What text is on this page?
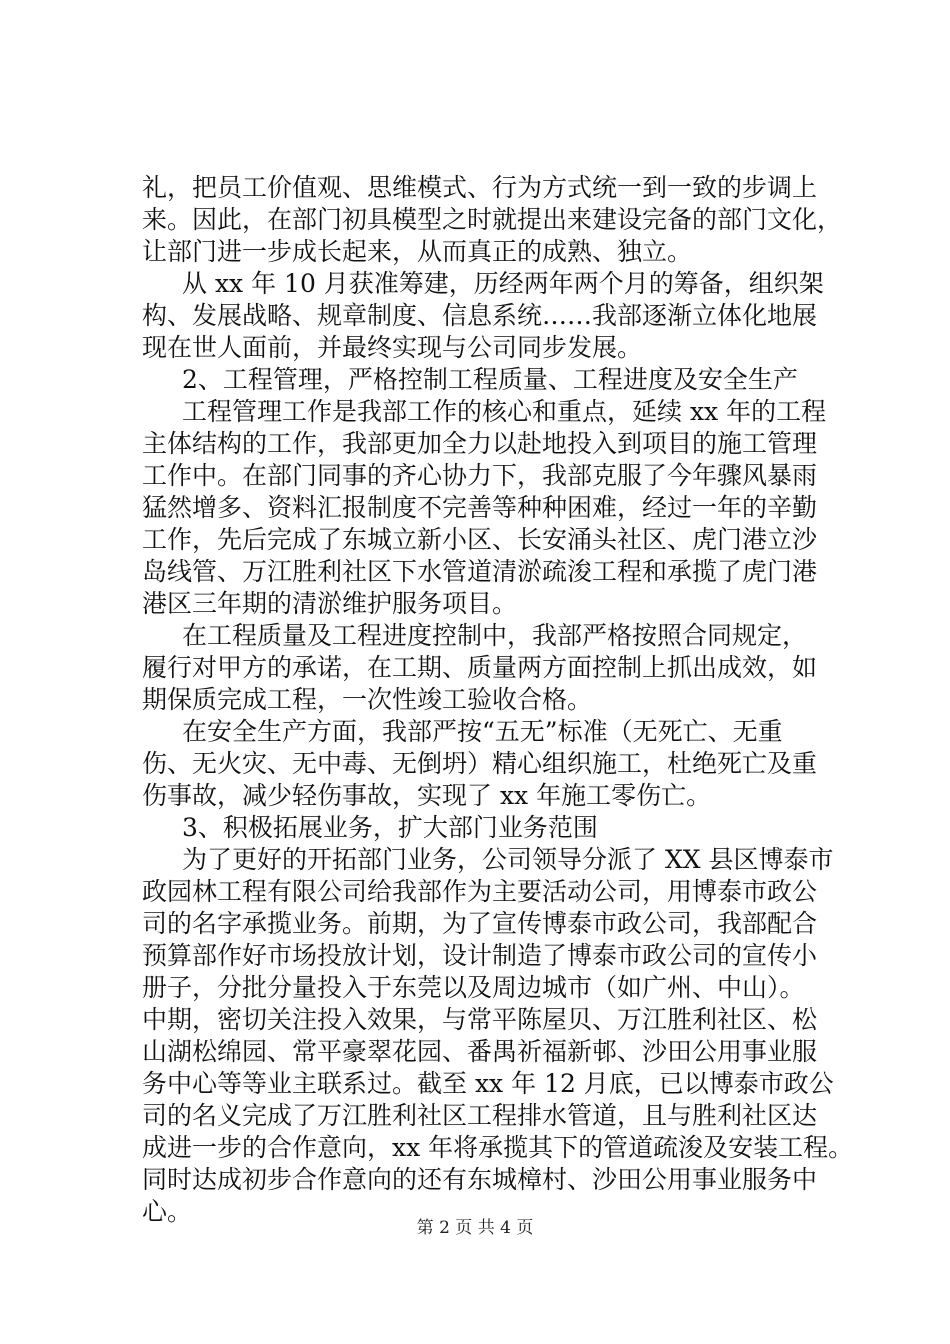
礼，把员工价值观、思维模式、行为方式统一到一致的步调上
来。因此，在部门初具模型之时就提出来建设完备的部门文化，
让部门进一步成长起来，从而真正的成熟、独立。
从 xx 年 10 月获准筹建，历经两年两个月的筹备，组织架
构、发展战略、规章制度、信息系统……我部逐渐立体化地展
现在世人面前，并最终实现与公司同步发展。
2、工程管理，严格控制工程质量、工程进度及安全生产
工程管理工作是我部工作的核心和重点，延续 xx 年的工程
主体结构的工作，我部更加全力以赴地投入到项目的施工管理
工作中。在部门同事的齐心协力下，我部克服了今年骤风暴雨
猛然增多、资料汇报制度不完善等种种困难，经过一年的辛勤
工作，先后完成了东城立新小区、长安涌头社区、虎门港立沙
岛线管、万江胜利社区下水管道清淤疏浚工程和承揽了虎门港
港区三年期的清淤维护服务项目。
在工程质量及工程进度控制中，我部严格按照合同规定，
履行对甲方的承诺，在工期、质量两方面控制上抓出成效，如
期保质完成工程，一次性竣工验收合格。
在安全生产方面，我部严按“五无”标准（无死亡、无重
伤、无火灾、无中毒、无倒坍）精心组织施工，杜绝死亡及重
伤事故，减少轻伤事故，实现了 xx 年施工零伤亡。
3、积极拓展业务，扩大部门业务范围
为了更好的开拓部门业务，公司领导分派了 XX 县区博泰市
政园林工程有限公司给我部作为主要活动公司，用博泰市政公
司的名字承揽业务。前期，为了宣传博泰市政公司，我部配合
预算部作好市场投放计划，设计制造了博泰市政公司的宣传小
册子，分批分量投入于东莞以及周边城市（如广州、中山）。
中期，密切关注投入效果，与常平陈屋贝、万江胜利社区、松
山湖松绵园、常平豪翠花园、番禺祈福新邨、沙田公用事业服
务中心等等业主联系过。截至 xx 年 12 月底，已以博泰市政公
司的名义完成了万江胜利社区工程排水管道，且与胜利社区达
成进一步的合作意向，xx 年将承揽其下的管道疏浚及安装工程。
同时达成初步合作意向的还有东城樟村、沙田公用事业服务中
心。
第 2 页 共 4 页
